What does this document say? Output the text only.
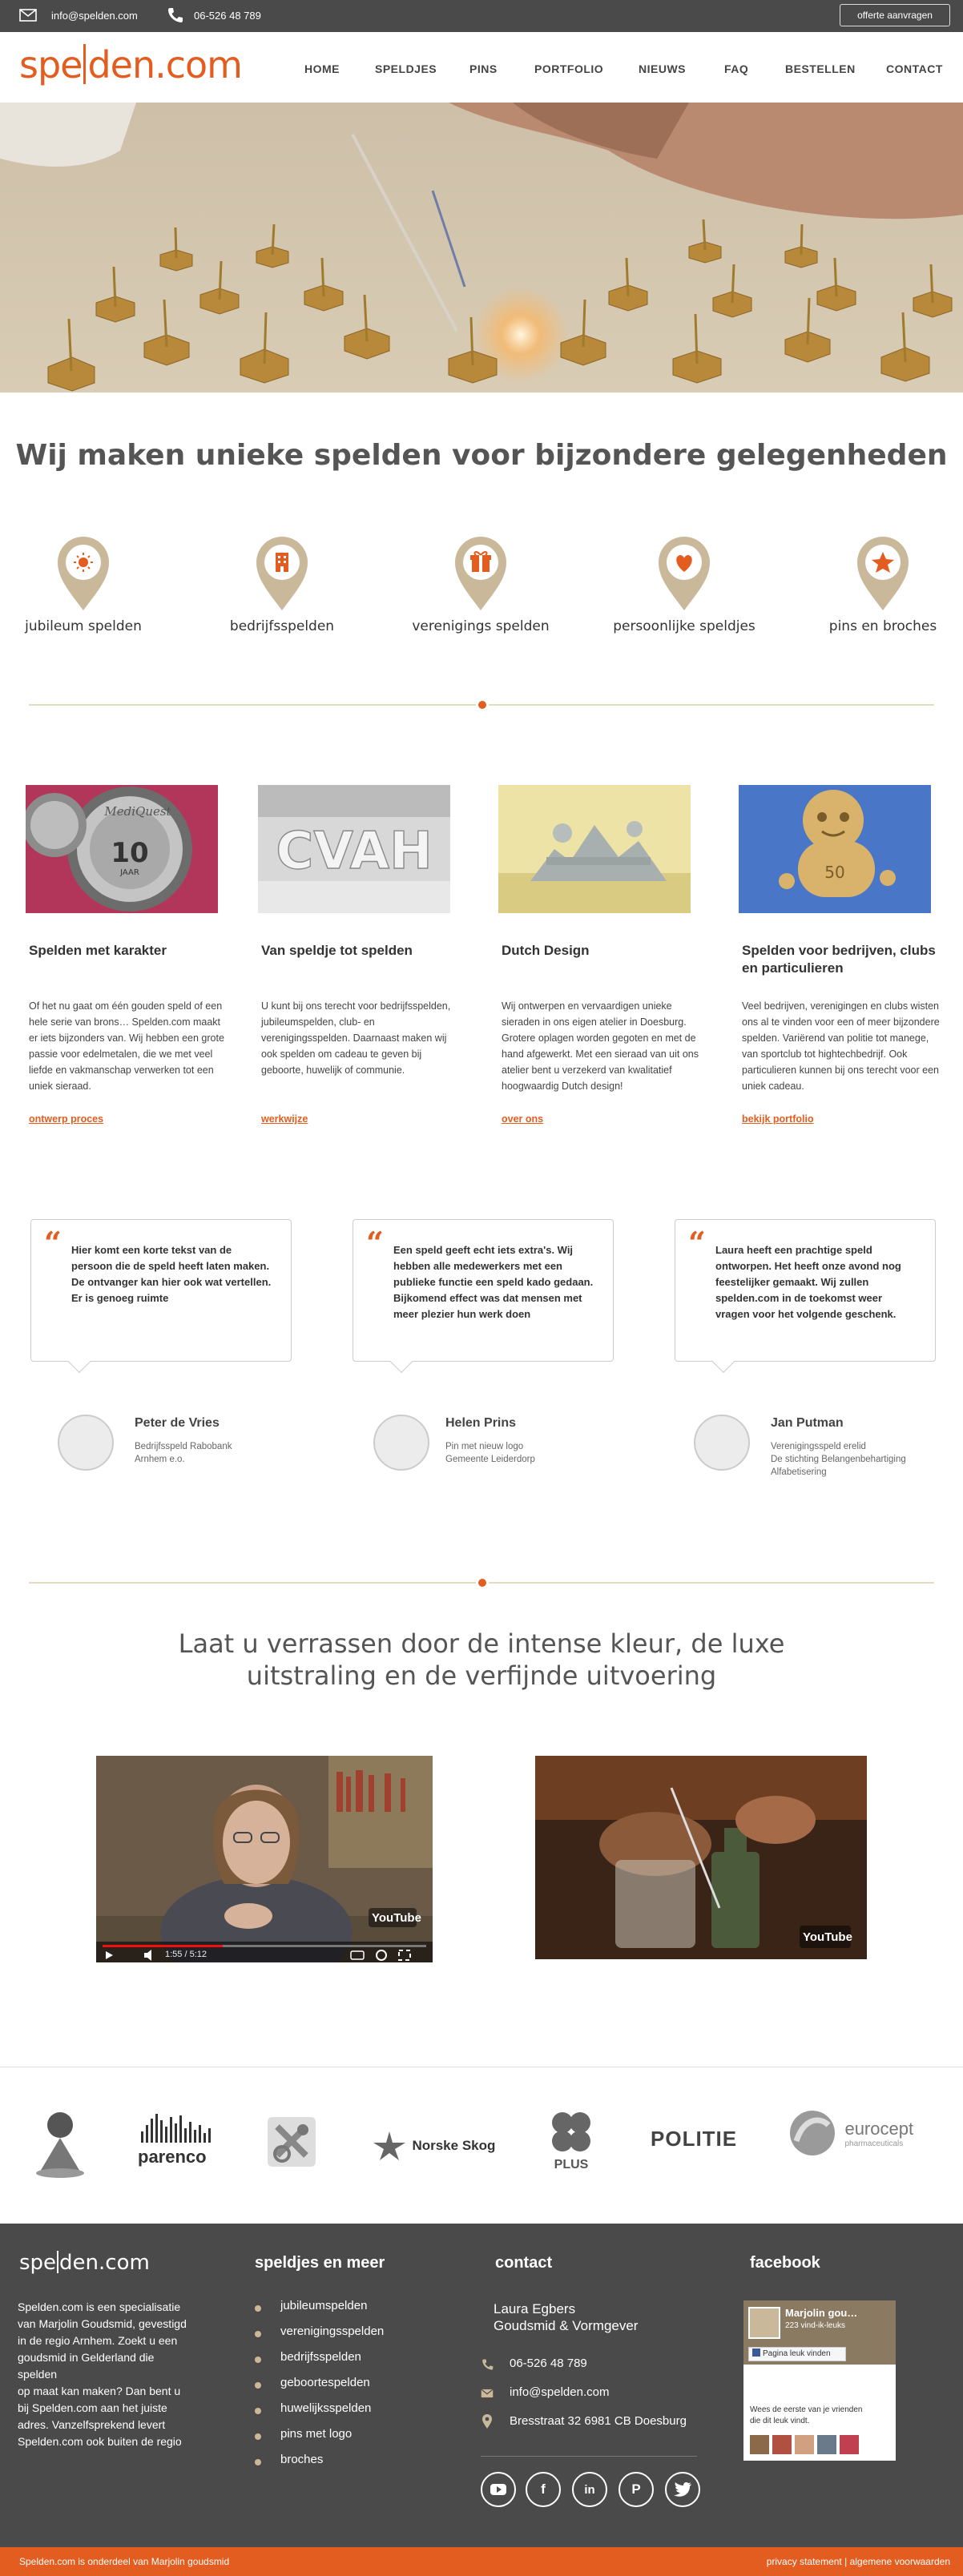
info@spelden.com	06-526 48 789	offerte aanvragen
spe den.com	HOME	SPELDJES	PINS	PORTFOLIO	NIEUWS	FAQ	BESTELLEN	CONTACT
Wij maken unieke spelden voor bijzondere gelegenheden
jubileum spelden	bedrijfsspelden	verenigings spelden	persoonlijke speldjes	pins en broches
MediQuest
10
JAAR
Spelden met karakter
Of het nu gaat om één gouden speld of een hele serie van brons… Spelden.com maakt er iets bijzonders van. Wij hebben een grote passie voor edelmetalen, die we met veel liefde en vakmanschap verwerken tot een uniek sieraad.
ontwerp proces
CVAH
Van speldje tot spelden
U kunt bij ons terecht voor bedrijfsspelden, jubileumspelden, club- en verenigingsspelden. Daarnaast maken wij ook spelden om cadeau te geven bij geboorte, huwelijk of communie.
werkwijze
Dutch Design
Wij ontwerpen en vervaardigen unieke sieraden in ons eigen atelier in Doesburg. Grotere oplagen worden gegoten en met de hand afgewerkt. Met een sieraad van uit ons atelier bent u verzekerd van kwalitatief hoogwaardig Dutch design!
over ons
50
Spelden voor bedrijven, clubs en particulieren
Veel bedrijven, verenigingen en clubs wisten ons al te vinden voor een of meer bijzondere spelden. Variërend van politie tot manege, van sportclub tot hightechbedrijf. Ook particulieren kunnen bij ons terecht voor een uniek cadeau.
bekijk portfolio
“ Hier komt een korte tekst van de persoon die de speld heeft laten maken. De ontvanger kan hier ook wat vertellen. Er is genoeg ruimte
“ Een speld geeft echt iets extra's. Wij hebben alle medewerkers met een publieke functie een speld kado gedaan. Bijkomend effect was dat mensen met meer plezier hun werk doen
“ Laura heeft een prachtige speld ontworpen. Het heeft onze avond nog feestelijker gemaakt. Wij zullen spelden.com in de toekomst weer vragen voor het volgende geschenk.
Peter de Vries
Bedrijfsspeld Rabobank
Arnhem e.o.
Helen Prins
Pin met nieuw logo
Gemeente Leiderdorp
Jan Putman
Verenigingsspeld erelid
De stichting Belangenbehartiging
Alfabetisering
Laat u verrassen door de intense kleur, de luxe
uitstraling en de verfijnde uitvoering
1:55 / 5:12
YouTube
YouTube
parenco
Norske Skog
PLUS
POLITIE
	eurocept
pharmaceuticals
spe den.com
Spelden.com is een specialisatie
van Marjolin Goudsmid, gevestigd
in de regio Arnhem. Zoekt u een
goudsmid in Gelderland die spelden
op maat kan maken? Dan bent u
bij Spelden.com aan het juiste
adres. Vanzelfsprekend levert
Spelden.com ook buiten de regio
speldjes en meer
jubileumspelden
verenigingsspelden
bedrijfsspelden
geboortespelden
huwelijksspelden
pins met logo
broches
contact
Laura Egbers
Goudsmid & Vormgever
06-526 48 789
info@spelden.com
Bresstraat 32 6981 CB Doesburg
f	in	P
facebook
Marjolin gou…
223 vind-ik-leuks
Pagina leuk vinden
Wees de eerste van je vrienden
die dit leuk vindt.
Spelden.com is onderdeel van Marjolin goudsmid	privacy statement | algemene voorwaarden
